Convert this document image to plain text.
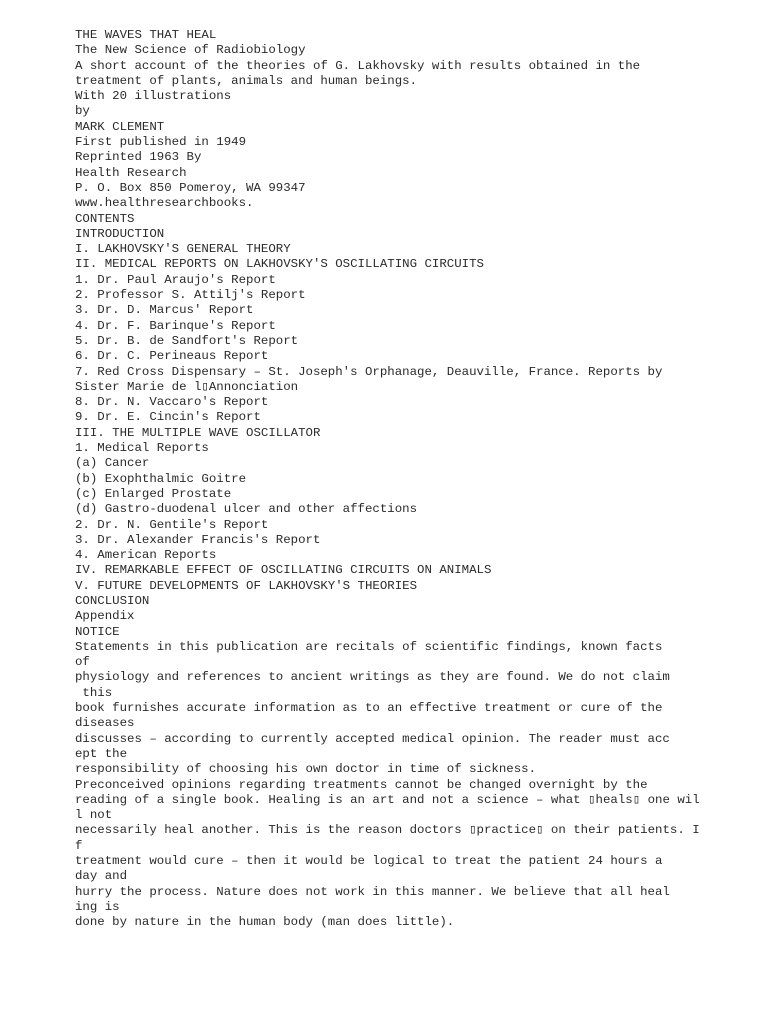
THE WAVES THAT HEAL
The New Science of Radiobiology
A short account of the theories of G. Lakhovsky with results obtained in the
treatment of plants, animals and human beings.
With 20 illustrations
by
MARK CLEMENT
First published in 1949
Reprinted 1963 By
Health Research
P. O. Box 850 Pomeroy, WA 99347
www.healthresearchbooks.
CONTENTS
INTRODUCTION
I. LAKHOVSKY'S GENERAL THEORY
II. MEDICAL REPORTS ON LAKHOVSKY'S OSCILLATING CIRCUITS
1. Dr. Paul Araujo's Report
2. Professor S. Attilj's Report
3. Dr. D. Marcus' Report
4. Dr. F. Barinque's Report
5. Dr. B. de Sandfort's Report
6. Dr. C. Perineaus Report
7. Red Cross Dispensary – St. Joseph's Orphanage, Deauville, France. Reports by
Sister Marie de l▯Annonciation
8. Dr. N. Vaccaro's Report
9. Dr. E. Cincin's Report
III. THE MULTIPLE WAVE OSCILLATOR
1. Medical Reports
(a) Cancer
(b) Exophthalmic Goitre
(c) Enlarged Prostate
(d) Gastro-duodenal ulcer and other affections
2. Dr. N. Gentile's Report
3. Dr. Alexander Francis's Report
4. American Reports
IV. REMARKABLE EFFECT OF OSCILLATING CIRCUITS ON ANIMALS
V. FUTURE DEVELOPMENTS OF LAKHOVSKY'S THEORIES
CONCLUSION
Appendix
NOTICE
Statements in this publication are recitals of scientific findings, known facts
of
physiology and references to ancient writings as they are found. We do not claim
this
book furnishes accurate information as to an effective treatment or cure of the
diseases
discusses – according to currently accepted medical opinion. The reader must acc
ept the
responsibility of choosing his own doctor in time of sickness.
Preconceived opinions regarding treatments cannot be changed overnight by the
reading of a single book. Healing is an art and not a science – what ▯heals▯ one wil
l not
necessarily heal another. This is the reason doctors ▯practice▯ on their patients. I
f
treatment would cure – then it would be logical to treat the patient 24 hours a
day and
hurry the process. Nature does not work in this manner. We believe that all heal
ing is
done by nature in the human body (man does little).
